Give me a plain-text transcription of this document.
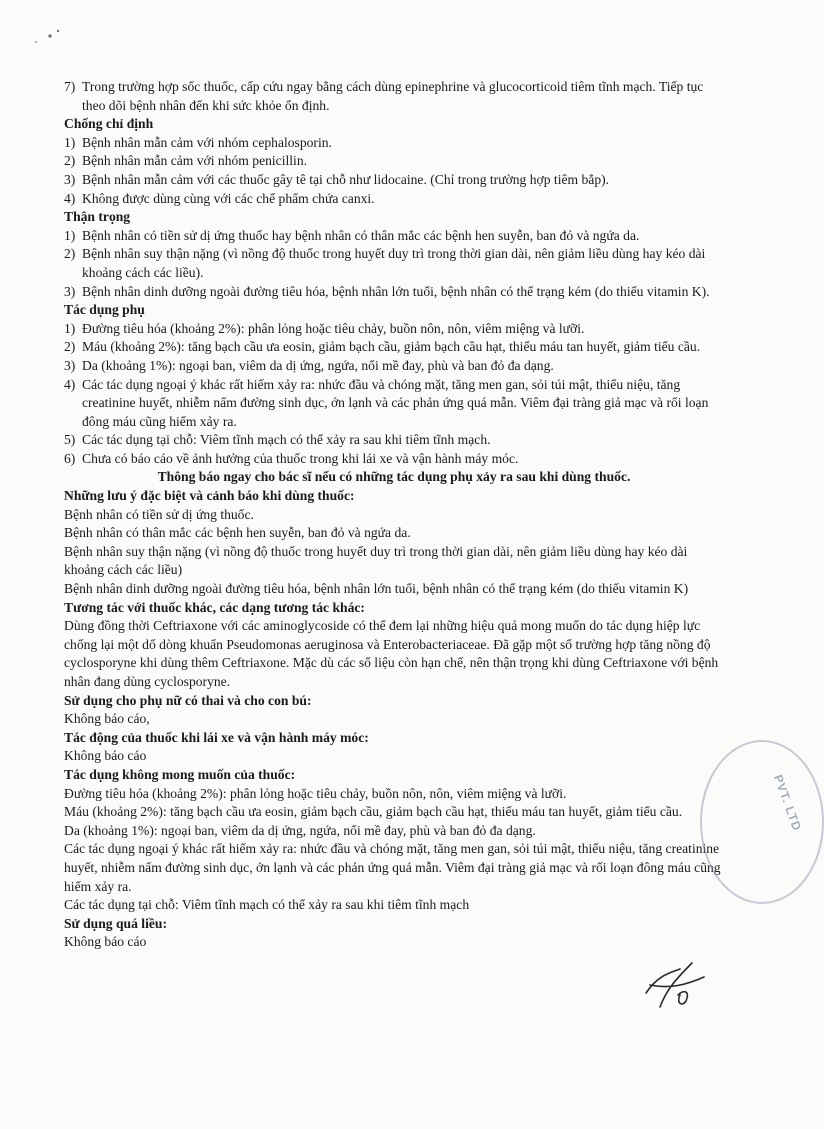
7) Trong trường hợp sốc thuốc, cấp cứu ngay bằng cách dùng epinephrine và glucocorticoid tiêm tĩnh mạch. Tiếp tục theo dõi bệnh nhân đến khi sức khỏe ổn định.

Chống chỉ định

1) Bệnh nhân mẫn cảm với nhóm cephalosporin.

2) Bệnh nhân mẫn cảm với nhóm penicillin.

3) Bệnh nhân mẫn cảm với các thuốc gây tê tại chỗ như lidocaine. (Chỉ trong trường hợp tiêm bắp).

4) Không được dùng cùng với các chế phẩm chứa canxi.

Thận trọng

1) Bệnh nhân có tiền sử dị ứng thuốc hay bệnh nhân có thân mắc các bệnh hen suyễn, ban đỏ và ngứa da.

2) Bệnh nhân suy thận nặng (vì nồng độ thuốc trong huyết duy trì trong thời gian dài, nên giảm liều dùng hay kéo dài khoảng cách các liều).

3) Bệnh nhân dinh dưỡng ngoài đường tiêu hóa, bệnh nhân lớn tuổi, bệnh nhân có thể trạng kém (do thiếu vitamin K).

Tác dụng phụ

1) Đường tiêu hóa (khoảng 2%): phân lỏng hoặc tiêu chảy, buồn nôn, nôn, viêm miệng và lưỡi.

2) Máu (khoảng 2%): tăng bạch cầu ưa eosin, giảm bạch cầu, giảm bạch cầu hạt, thiếu máu tan huyết, giảm tiểu cầu.

3) Da (khoảng 1%): ngoại ban, viêm da dị ứng, ngứa, nổi mề đay, phù và ban đỏ đa dạng.

4) Các tác dụng ngoại ý khác rất hiếm xảy ra: nhức đầu và chóng mặt, tăng men gan, sỏi túi mật, thiểu niệu, tăng creatinine huyết, nhiễm nấm đường sinh dục, ớn lạnh và các phản ứng quá mẫn. Viêm đại tràng giả mạc và rối loạn đông máu cũng hiếm xảy ra.

5) Các tác dụng tại chỗ: Viêm tĩnh mạch có thể xảy ra sau khi tiêm tĩnh mạch.

6) Chưa có báo cáo về ảnh hưởng của thuốc trong khi lái xe và vận hành máy móc.

Thông báo ngay cho bác sĩ nếu có những tác dụng phụ xảy ra sau khi dùng thuốc.

Những lưu ý đặc biệt và cảnh báo khi dùng thuốc:

Bệnh nhân có tiền sử dị ứng thuốc.

Bệnh nhân có thân mắc các bệnh hen suyễn, ban đỏ và ngứa da.

Bệnh nhân suy thận nặng (vì nồng độ thuốc trong huyết duy trì trong thời gian dài, nên giảm liều dùng hay kéo dài khoảng cách các liều)

Bệnh nhân dinh dưỡng ngoài đường tiêu hóa, bệnh nhân lớn tuổi, bệnh nhân có thể trạng kém (do thiếu vitamin K)

Tương tác với thuốc khác, các dạng tương tác khác:

Dùng đồng thời Ceftriaxone với các aminoglycoside có thể đem lại những hiệu quả mong muốn do tác dụng hiệp lực chống lại một dố dòng khuẩn Pseudomonas aeruginosa và Enterobacteriaceae. Đã gặp một số trường hợp tăng nồng độ cyclosporyne khi dùng thêm Ceftriaxone. Mặc dù các số liệu còn hạn chế, nên thận trọng khi dùng Ceftriaxone với bệnh nhân đang dùng cyclosporyne.

Sử dụng cho phụ nữ có thai và cho con bú:

Không báo cáo,

Tác động của thuốc khi lái xe và vận hành máy móc:

Không báo cáo

Tác dụng không mong muốn của thuốc:

Đường tiêu hóa (khoảng 2%): phân lỏng hoặc tiêu chảy, buồn nôn, nôn, viêm miệng và lưỡi.

Máu (khoảng 2%): tăng bạch cầu ưa eosin, giảm bạch cầu, giảm bạch cầu hạt, thiếu máu tan huyết, giảm tiểu cầu.

Da (khoảng 1%): ngoại ban, viêm da dị ứng, ngứa, nổi mề đay, phù và ban đỏ đa dạng.

Các tác dụng ngoại ý khác rất hiếm xảy ra: nhức đầu và chóng mặt, tăng men gan, sỏi túi mật, thiểu niệu, tăng creatinine huyết, nhiễm nấm đường sinh dục, ớn lạnh và các phản ứng quá mẫn. Viêm đại tràng giả mạc và rối loạn đông máu cũng hiếm xảy ra.

Các tác dụng tại chỗ: Viêm tĩnh mạch có thể xảy ra sau khi tiêm tĩnh mạch

Sử dụng quá liều:

Không báo cáo

PVT. LTD
